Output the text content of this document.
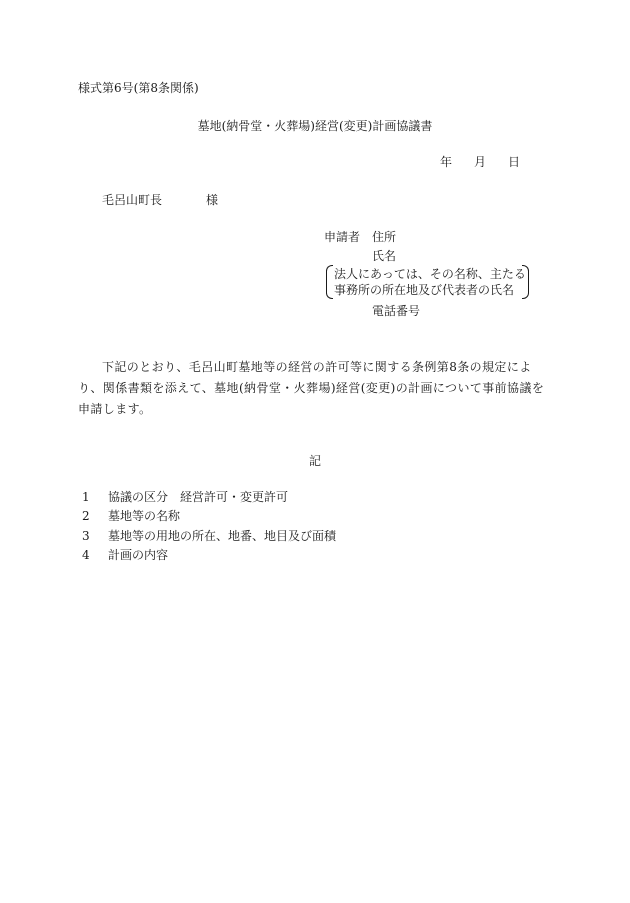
様式第6号(第8条関係)
墓地(納骨堂・火葬場)経営(変更)計画協議書
年 月 日
毛呂山町長	様
申請者 住所
氏名
法人にあっては、その名称、主たる
事務所の所在地及び代表者の氏名
電話番号
下記のとおり、毛呂山町墓地等の経営の許可等に関する条例第8条の規定により、関係書類を添えて、墓地(納骨堂・火葬場)経営(変更)の計画について事前協議を申請します。
記
1 協議の区分　経営許可・変更許可
2 墓地等の名称
3 墓地等の用地の所在、地番、地目及び面積
4 計画の内容
